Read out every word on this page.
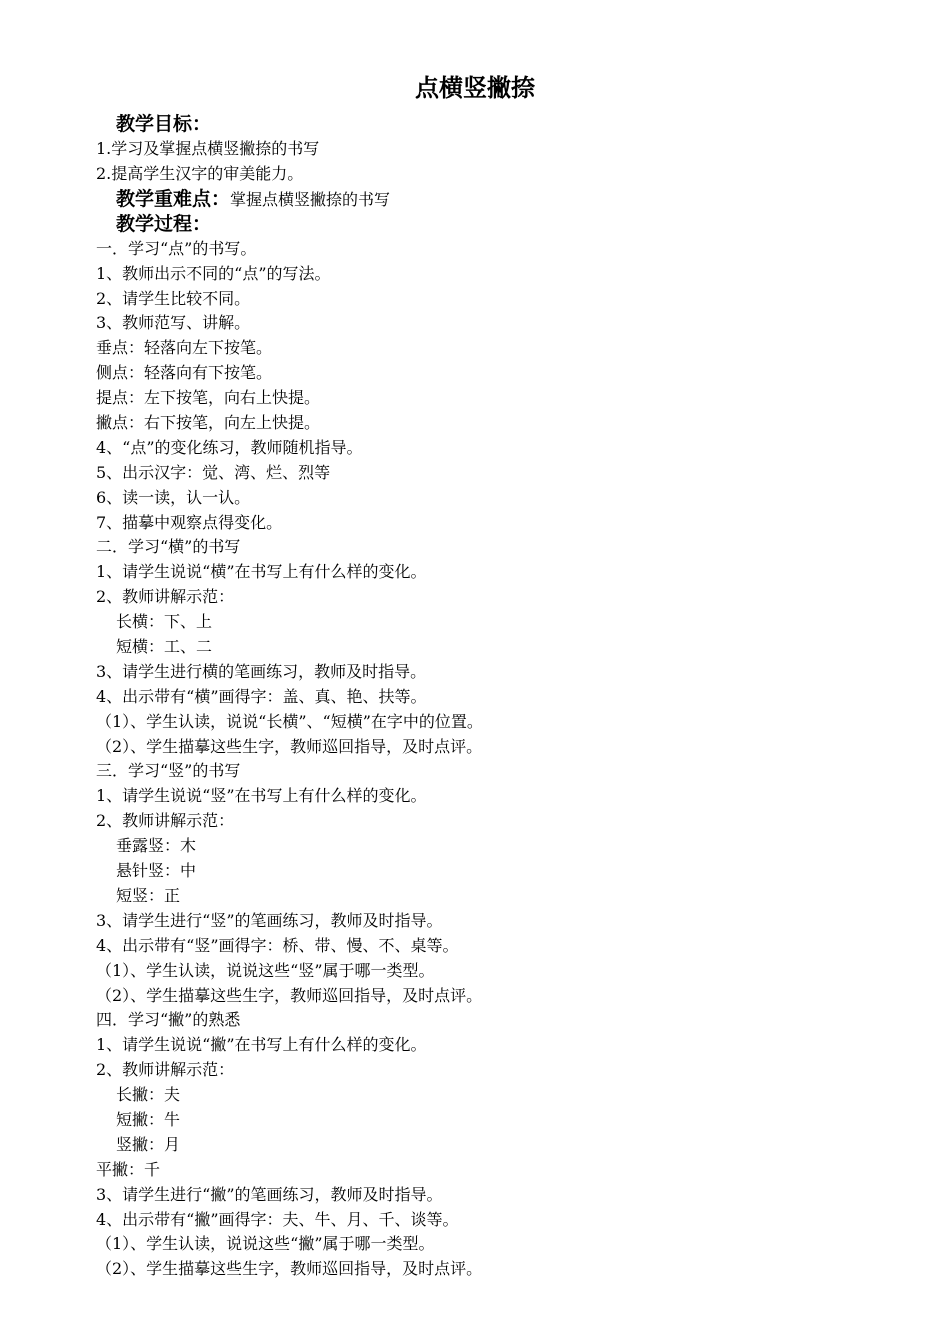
点横竖撇捺
教学目标：
1.学习及掌握点横竖撇捺的书写
2.提高学生汉字的审美能力。
教学重难点：掌握点横竖撇捺的书写
教学过程：
一．学习“点”的书写。
1、教师出示不同的“点”的写法。
2、请学生比较不同。
3、教师范写、讲解。
垂点：轻落向左下按笔。
侧点：轻落向有下按笔。
提点：左下按笔，向右上快提。
撇点：右下按笔，向左上快提。
4、“点”的变化练习，教师随机指导。
5、出示汉字：觉、湾、烂、烈等
6、读一读，认一认。
7、描摹中观察点得变化。
二．学习“横”的书写
1、请学生说说“横”在书写上有什么样的变化。
2、教师讲解示范：
长横：下、上
短横：工、二
3、请学生进行横的笔画练习，教师及时指导。
4、出示带有“横”画得字：盖、真、艳、扶等。
（1）、学生认读，说说“长横”、“短横”在字中的位置。
（2）、学生描摹这些生字，教师巡回指导，及时点评。
三．学习“竖”的书写
1、请学生说说“竖”在书写上有什么样的变化。
2、教师讲解示范：
垂露竖：木
悬针竖：中
短竖：正
3、请学生进行“竖”的笔画练习，教师及时指导。
4、出示带有“竖”画得字：桥、带、慢、不、桌等。
（1）、学生认读，说说这些“竖”属于哪一类型。
（2）、学生描摹这些生字，教师巡回指导，及时点评。
四．学习“撇”的熟悉
1、请学生说说“撇”在书写上有什么样的变化。
2、教师讲解示范：
长撇：夫
短撇：牛
竖撇：月
平撇：千
3、请学生进行“撇”的笔画练习，教师及时指导。
4、出示带有“撇”画得字：夫、牛、月、千、谈等。
（1）、学生认读，说说这些“撇”属于哪一类型。
（2）、学生描摹这些生字，教师巡回指导，及时点评。
